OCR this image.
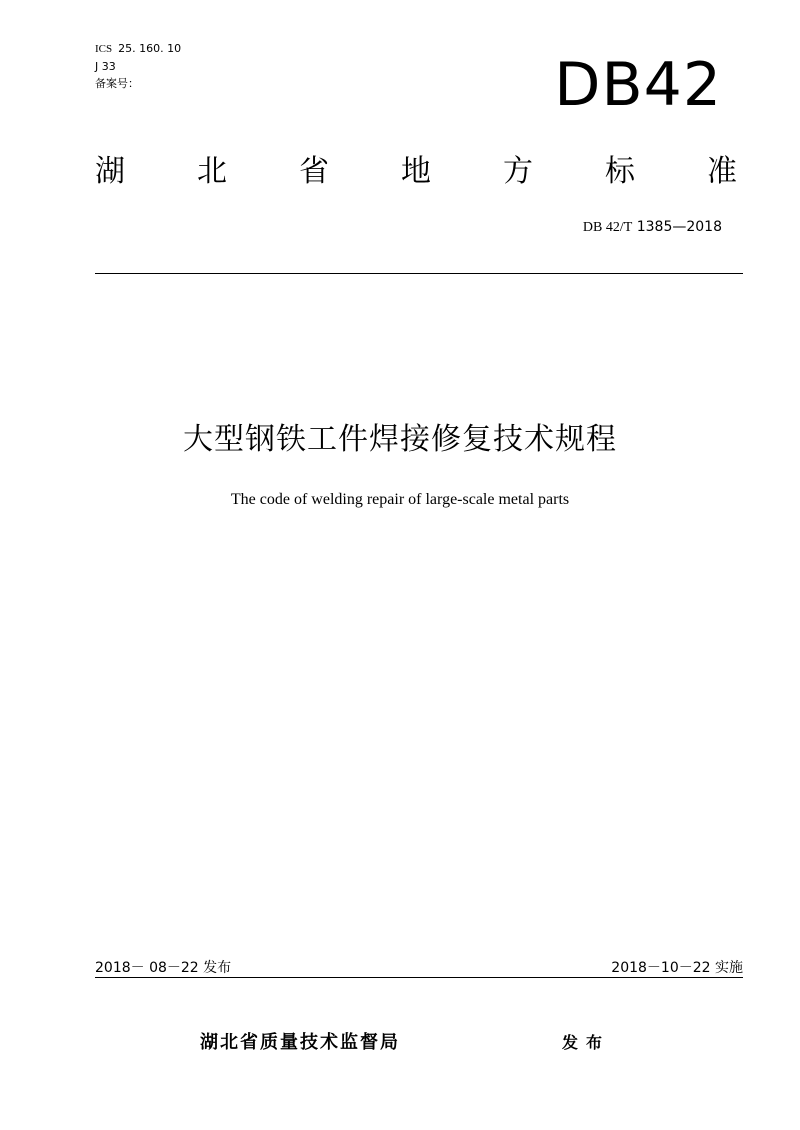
ICS 25. 160. 10
J 33
备案号：	DB42
湖 北 省 地 方 标 准
DB 42/T 1385—2018
大型钢铁工件焊接修复技术规程
The code of welding repair of large-scale metal parts
2018－ 08－22 发布	2018－10－22 实施
湖北省质量技术监督局	发布
